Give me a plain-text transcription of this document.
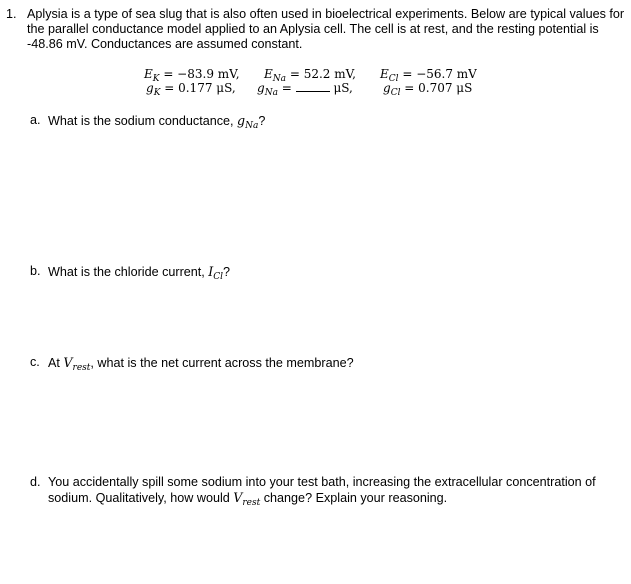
1. Aplysia is a type of sea slug that is also often used in bioelectrical experiments. Below are typical values for the parallel conductance model applied to an Aplysia cell. The cell is at rest, and the resting potential is -48.86 mV. Conductances are assumed constant.
$E_K = -83.9$ mV, $E_{Na} = 52.2$ mV, $E_{Cl} = -56.7$ mV
$g_K = 0.177$ μS, $g_{Na}$ =	μS,	$g_{Cl} = 0.707$ μS
a. What is the sodium conductance, $g_{Na}$?
b. What is the chloride current, $I_{Cl}$?
c. At $V_{rest}$, what is the net current across the membrane?
d. You accidentally spill some sodium into your test bath, increasing the extracellular concentration of
sodium. Qualitatively, how would $V_{rest}$ change? Explain your reasoning.
